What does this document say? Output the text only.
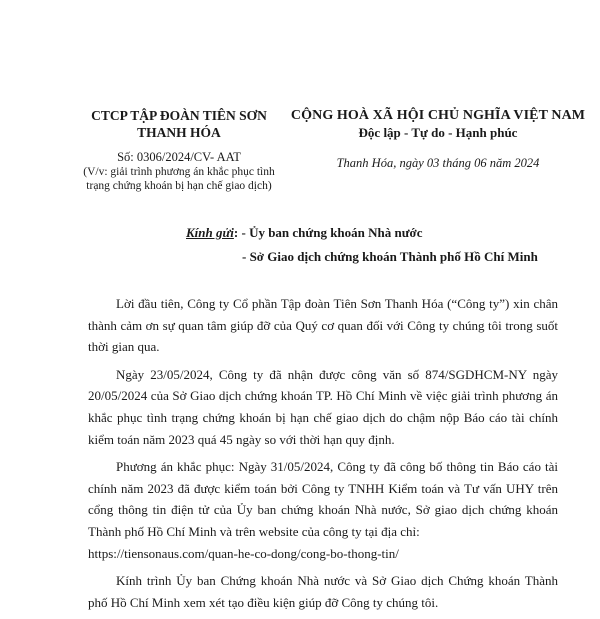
CTCP TẬP ĐOÀN TIÊN SƠN
THANH HÓA
Số: 0306/2024/CV- AAT
(V/v: giải trình phương án khắc phục tình
trạng chứng khoán bị hạn chế giao dịch)
CỘNG HOÀ XÃ HỘI CHỦ NGHĨA VIỆT NAM
Độc lập - Tự do - Hạnh phúc
Thanh Hóa, ngày 03 tháng 06 năm 2024
Kính gửi: - Ủy ban chứng khoán Nhà nước
- Sở Giao dịch chứng khoán Thành phố Hồ Chí Minh

Lời đầu tiên, Công ty Cổ phần Tập đoàn Tiên Sơn Thanh Hóa (“Công ty”) xin chân thành cảm ơn sự quan tâm giúp đỡ của Quý cơ quan đối với Công ty chúng tôi trong suốt thời gian qua.

Ngày 23/05/2024, Công ty đã nhận được công văn số 874/SGDHCM-NY ngày 20/05/2024 của Sở Giao dịch chứng khoán TP. Hồ Chí Minh về việc giải trình phương án khắc phục tình trạng chứng khoán bị hạn chế giao dịch do chậm nộp Báo cáo tài chính kiểm toán năm 2023 quá 45 ngày so với thời hạn quy định.

Phương án khắc phục: Ngày 31/05/2024, Công ty đã công bố thông tin Báo cáo tài chính năm 2023 đã được kiểm toán bởi Công ty TNHH Kiểm toán và Tư vấn UHY trên cổng thông tin điện tử của Ủy ban chứng khoán Nhà nước, Sở giao dịch chứng khoán Thành phố Hồ Chí Minh và trên website của công ty tại địa chỉ:

https://tiensonaus.com/quan-he-co-dong/cong-bo-thong-tin/

Kính trình Ủy ban Chứng khoán Nhà nước và Sở Giao dịch Chứng khoán Thành phố Hồ Chí Minh xem xét tạo điều kiện giúp đỡ Công ty chúng tôi.
